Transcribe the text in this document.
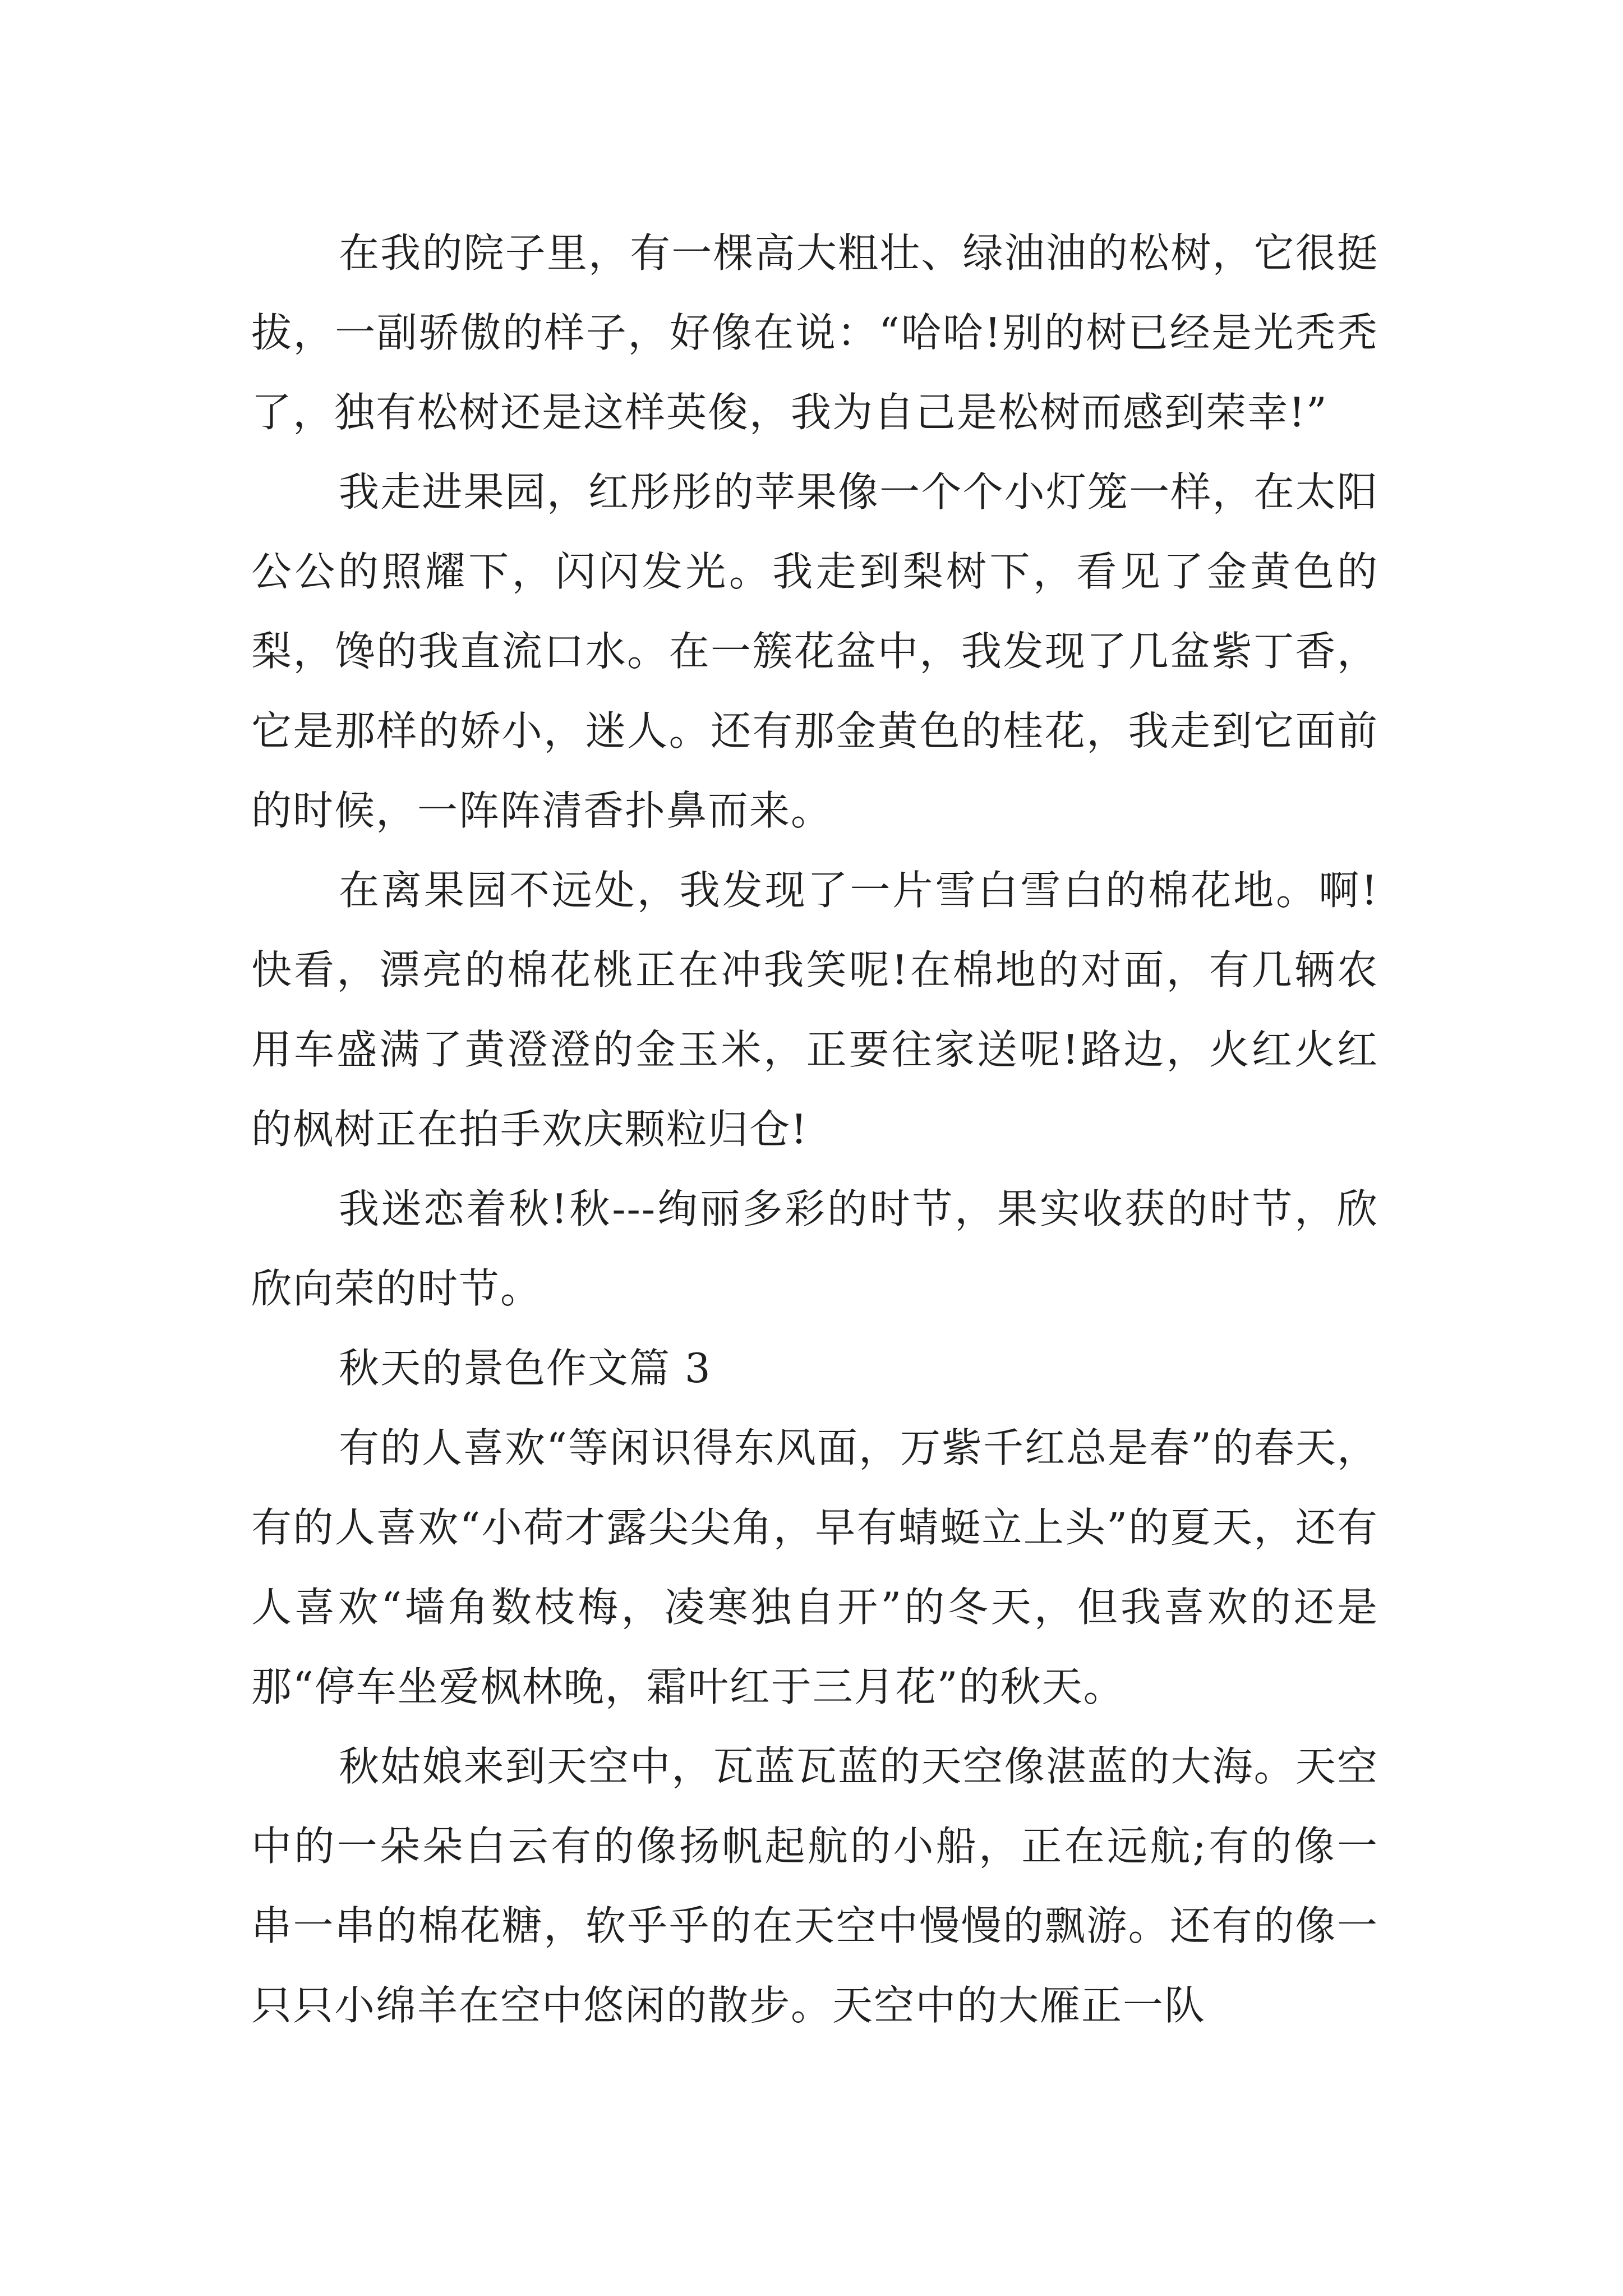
在我的院子里，有一棵高大粗壮、绿油油的松树，它很挺拔，一副骄傲的样子，好像在说：“哈哈!别的树已经是光秃秃了，独有松树还是这样英俊，我为自己是松树而感到荣幸!”

我走进果园，红彤彤的苹果像一个个小灯笼一样，在太阳公公的照耀下，闪闪发光。我走到梨树下，看见了金黄色的梨，馋的我直流口水。在一簇花盆中，我发现了几盆紫丁香，它是那样的娇小，迷人。还有那金黄色的桂花，我走到它面前的时候，一阵阵清香扑鼻而来。

在离果园不远处，我发现了一片雪白雪白的棉花地。啊!快看，漂亮的棉花桃正在冲我笑呢!在棉地的对面，有几辆农用车盛满了黄澄澄的金玉米，正要往家送呢!路边，火红火红的枫树正在拍手欢庆颗粒归仓!

我迷恋着秋!秋---绚丽多彩的时节，果实收获的时节，欣欣向荣的时节。

秋天的景色作文篇 3

有的人喜欢“等闲识得东风面，万紫千红总是春”的春天，有的人喜欢“小荷才露尖尖角，早有蜻蜓立上头”的夏天，还有人喜欢“墙角数枝梅，凌寒独自开”的冬天，但我喜欢的还是那“停车坐爱枫林晚，霜叶红于三月花”的秋天。

秋姑娘来到天空中，瓦蓝瓦蓝的天空像湛蓝的大海。天空中的一朵朵白云有的像扬帆起航的小船，正在远航;有的像一串一串的棉花糖，软乎乎的在天空中慢慢的飘游。还有的像一只只小绵羊在空中悠闲的散步。天空中的大雁正一队
